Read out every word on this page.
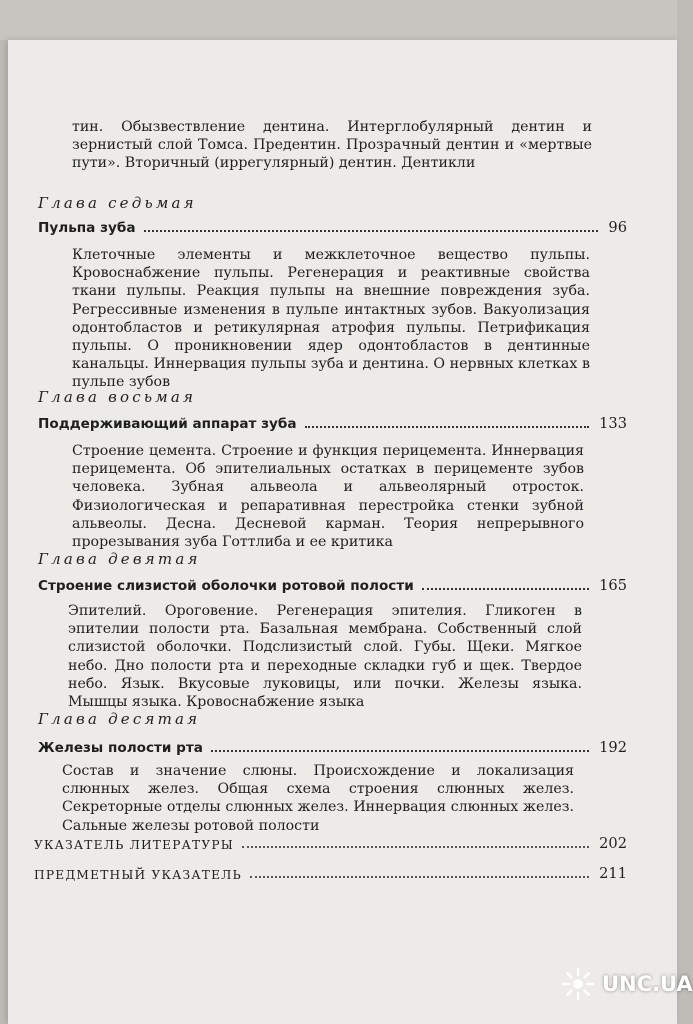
тин. Обызвествление дентина. Интерглобулярный дентин и зернистый слой Томса. Предентин. Прозрачный дентин и «мертвые пути». Вторичный (иррегулярный) дентин. Дентикли

Глава седьмая

Пульпа зуба	96

Клеточные элементы и межклеточное вещество пульпы. Кровоснабжение пульпы. Регенерация и реактивные свойства ткани пульпы. Реакция пульпы на внешние повреждения зуба. Регрессивные изменения в пульпе интактных зубов. Вакуолизация одонтобластов и ретикулярная атрофия пульпы. Петрификация пульпы. О проникновении ядер одонтобластов в дентинные канальцы. Иннервация пульпы зуба и дентина. О нервных клетках в пульпе зубов

Глава восьмая

Поддерживающий аппарат зуба	133

Строение цемента. Строение и функция перицемента. Иннервация перицемента. Об эпителиальных остатках в перицементе зубов человека. Зубная альвеола и альвеолярный отросток. Физиологическая и репаративная перестройка стенки зубной альвеолы. Десна. Десневой карман. Теория непрерывного прорезывания зуба Готтлиба и ее критика

Глава девятая

Строение слизистой оболочки ротовой полости	165

Эпителий. Ороговение. Регенерация эпителия. Гликоген в эпителии полости рта. Базальная мембрана. Собственный слой слизистой оболочки. Подслизистый слой. Губы. Щеки. Мягкое небо. Дно полости рта и переходные складки губ и щек. Твердое небо. Язык. Вкусовые луковицы, или почки. Железы языка. Мышцы языка. Кровоснабжение языка

Глава десятая

Железы полости рта	192

Состав и значение слюны. Происхождение и локализация слюнных желез. Общая схема строения слюнных желез. Секреторные отделы слюнных желез. Иннервация слюнных желез. Сальные железы ротовой полости

УКАЗАТЕЛЬ ЛИТЕРАТУРЫ	202
ПРЕДМЕТНЫЙ УКАЗАТЕЛЬ	211
UNC.UA
